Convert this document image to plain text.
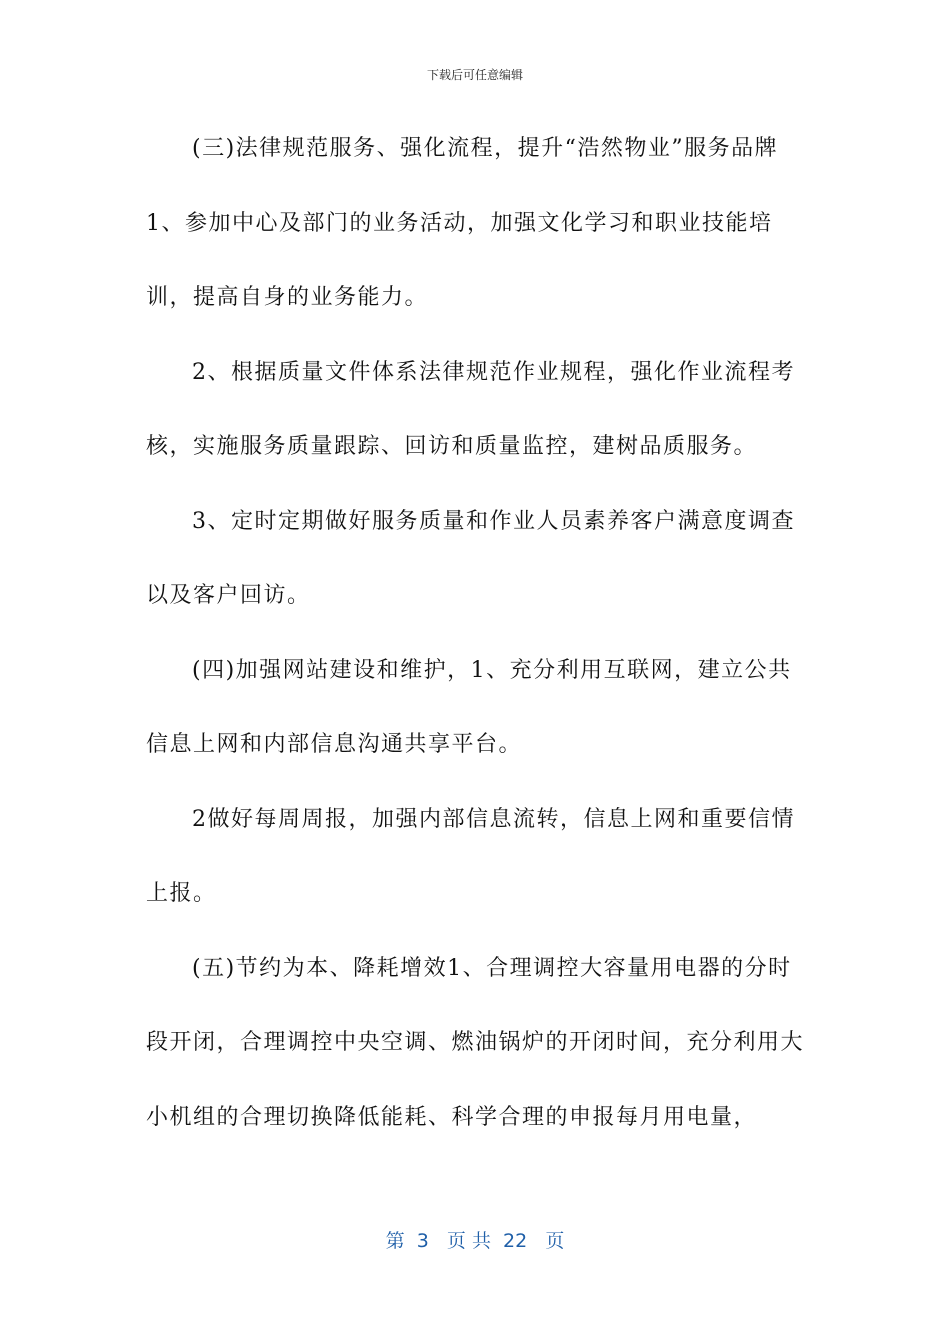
下载后可任意编辑

(三)法律规范服务、强化流程，提升“浩然物业”服务品牌1、参加中心及部门的业务活动，加强文化学习和职业技能培训，提高自身的业务能力。

2、根据质量文件体系法律规范作业规程，强化作业流程考核，实施服务质量跟踪、回访和质量监控，建树品质服务。

3、定时定期做好服务质量和作业人员素养客户满意度调查以及客户回访。

(四)加强网站建设和维护，1、充分利用互联网，建立公共信息上网和内部信息沟通共享平台。

2做好每周周报，加强内部信息流转，信息上网和重要信情上报。

(五)节约为本、降耗增效1、合理调控大容量用电器的分时段开闭，合理调控中央空调、燃油锅炉的开闭时间，充分利用大小机组的合理切换降低能耗、科学合理的申报每月用电量，

第  3   页 共  22   页
